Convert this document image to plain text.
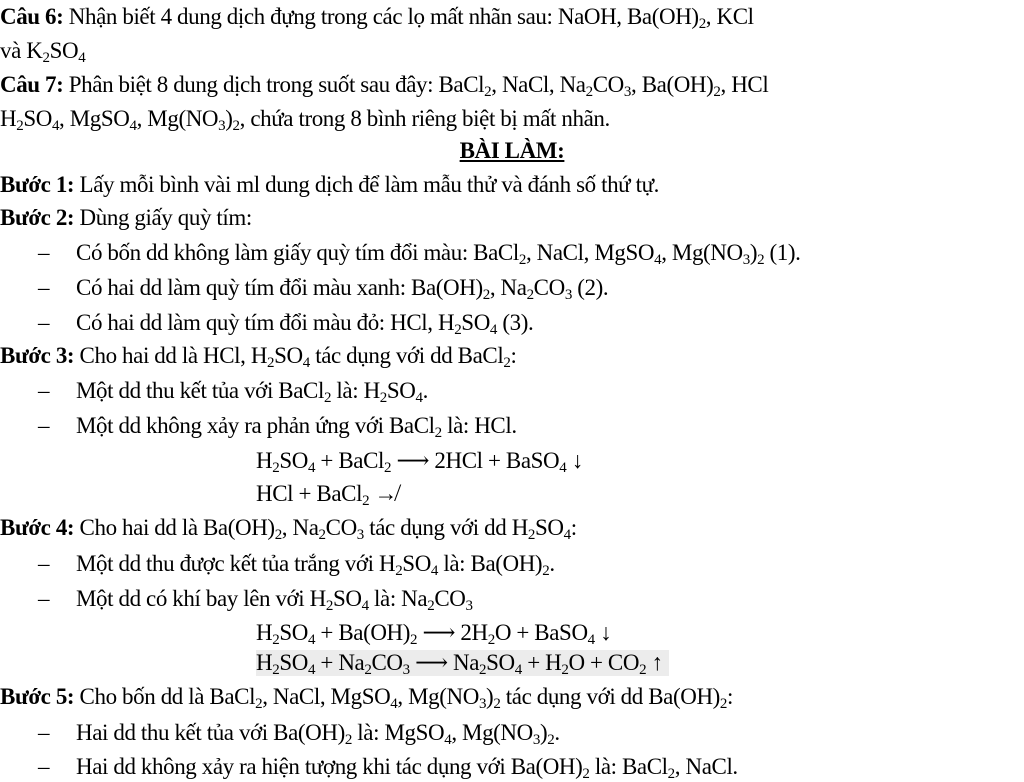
Câu 6: Nhận biết 4 dung dịch đựng trong các lọ mất nhãn sau: NaOH, $Ba(OH)_2$, KCl
và $K_2SO_4$
Câu 7: Phân biệt 8 dung dịch trong suốt sau đây: BaCl$_2$, NaCl, $Na_2CO_3$, $Ba(OH)_2$, HCl
$H_2SO_4$, MgSO$_4$, $Mg(NO_3)_2$, chứa trong 8 bình riêng biệt bị mất nhãn.
BÀI LÀM:
Bước 1: Lấy mỗi bình vài ml dung dịch để làm mẫu thử và đánh số thứ tự.
Bước 2: Dùng giấy quỳ tím:
– Có bốn dd không làm giấy quỳ tím đổi màu: BaCl$_2$, NaCl, MgSO$_4$, $Mg(NO_3)_2$ (1).
– Có hai dd làm quỳ tím đổi màu xanh: $Ba(OH)_2$, $Na_2CO_3$ (2).
– Có hai dd làm quỳ tím đổi màu đỏ: HCl, $H_2SO_4$ (3).
Bước 3: Cho hai dd là HCl, $H_2SO_4$ tác dụng với dd BaCl$_2$:
– Một dd thu kết tủa với BaCl$_2$ là: $H_2SO_4$.
– Một dd không xảy ra phản ứng với BaCl$_2$ là: HCl.
$H_2SO_4$ + BaCl$_2$ ⟶ 2HCl + BaSO$_4$ ↓
HCl + BaCl$_2$ ↛
Bước 4: Cho hai dd là $Ba(OH)_2$, $Na_2CO_3$ tác dụng với dd $H_2SO_4$:
– Một dd thu được kết tủa trắng với $H_2SO_4$ là: $Ba(OH)_2$.
– Một dd có khí bay lên với $H_2SO_4$ là: $Na_2CO_3$
$H_2SO_4 + Ba(OH)_2$ ⟶ $2H_2O$ + BaSO$_4$ ↓
$H_2SO_4 + Na_2CO_3$ ⟶ $Na_2SO_4 + H_2O + CO_2$ ↑
Bước 5: Cho bốn dd là BaCl$_2$, NaCl, MgSO$_4$, $Mg(NO_3)_2$ tác dụng với dd $Ba(OH)_2$:
– Hai dd thu kết tủa với $Ba(OH)_2$ là: MgSO$_4$, $Mg(NO_3)_2$.
– Hai dd không xảy ra hiện tượng khi tác dụng với $Ba(OH)_2$ là: BaCl$_2$, NaCl.
